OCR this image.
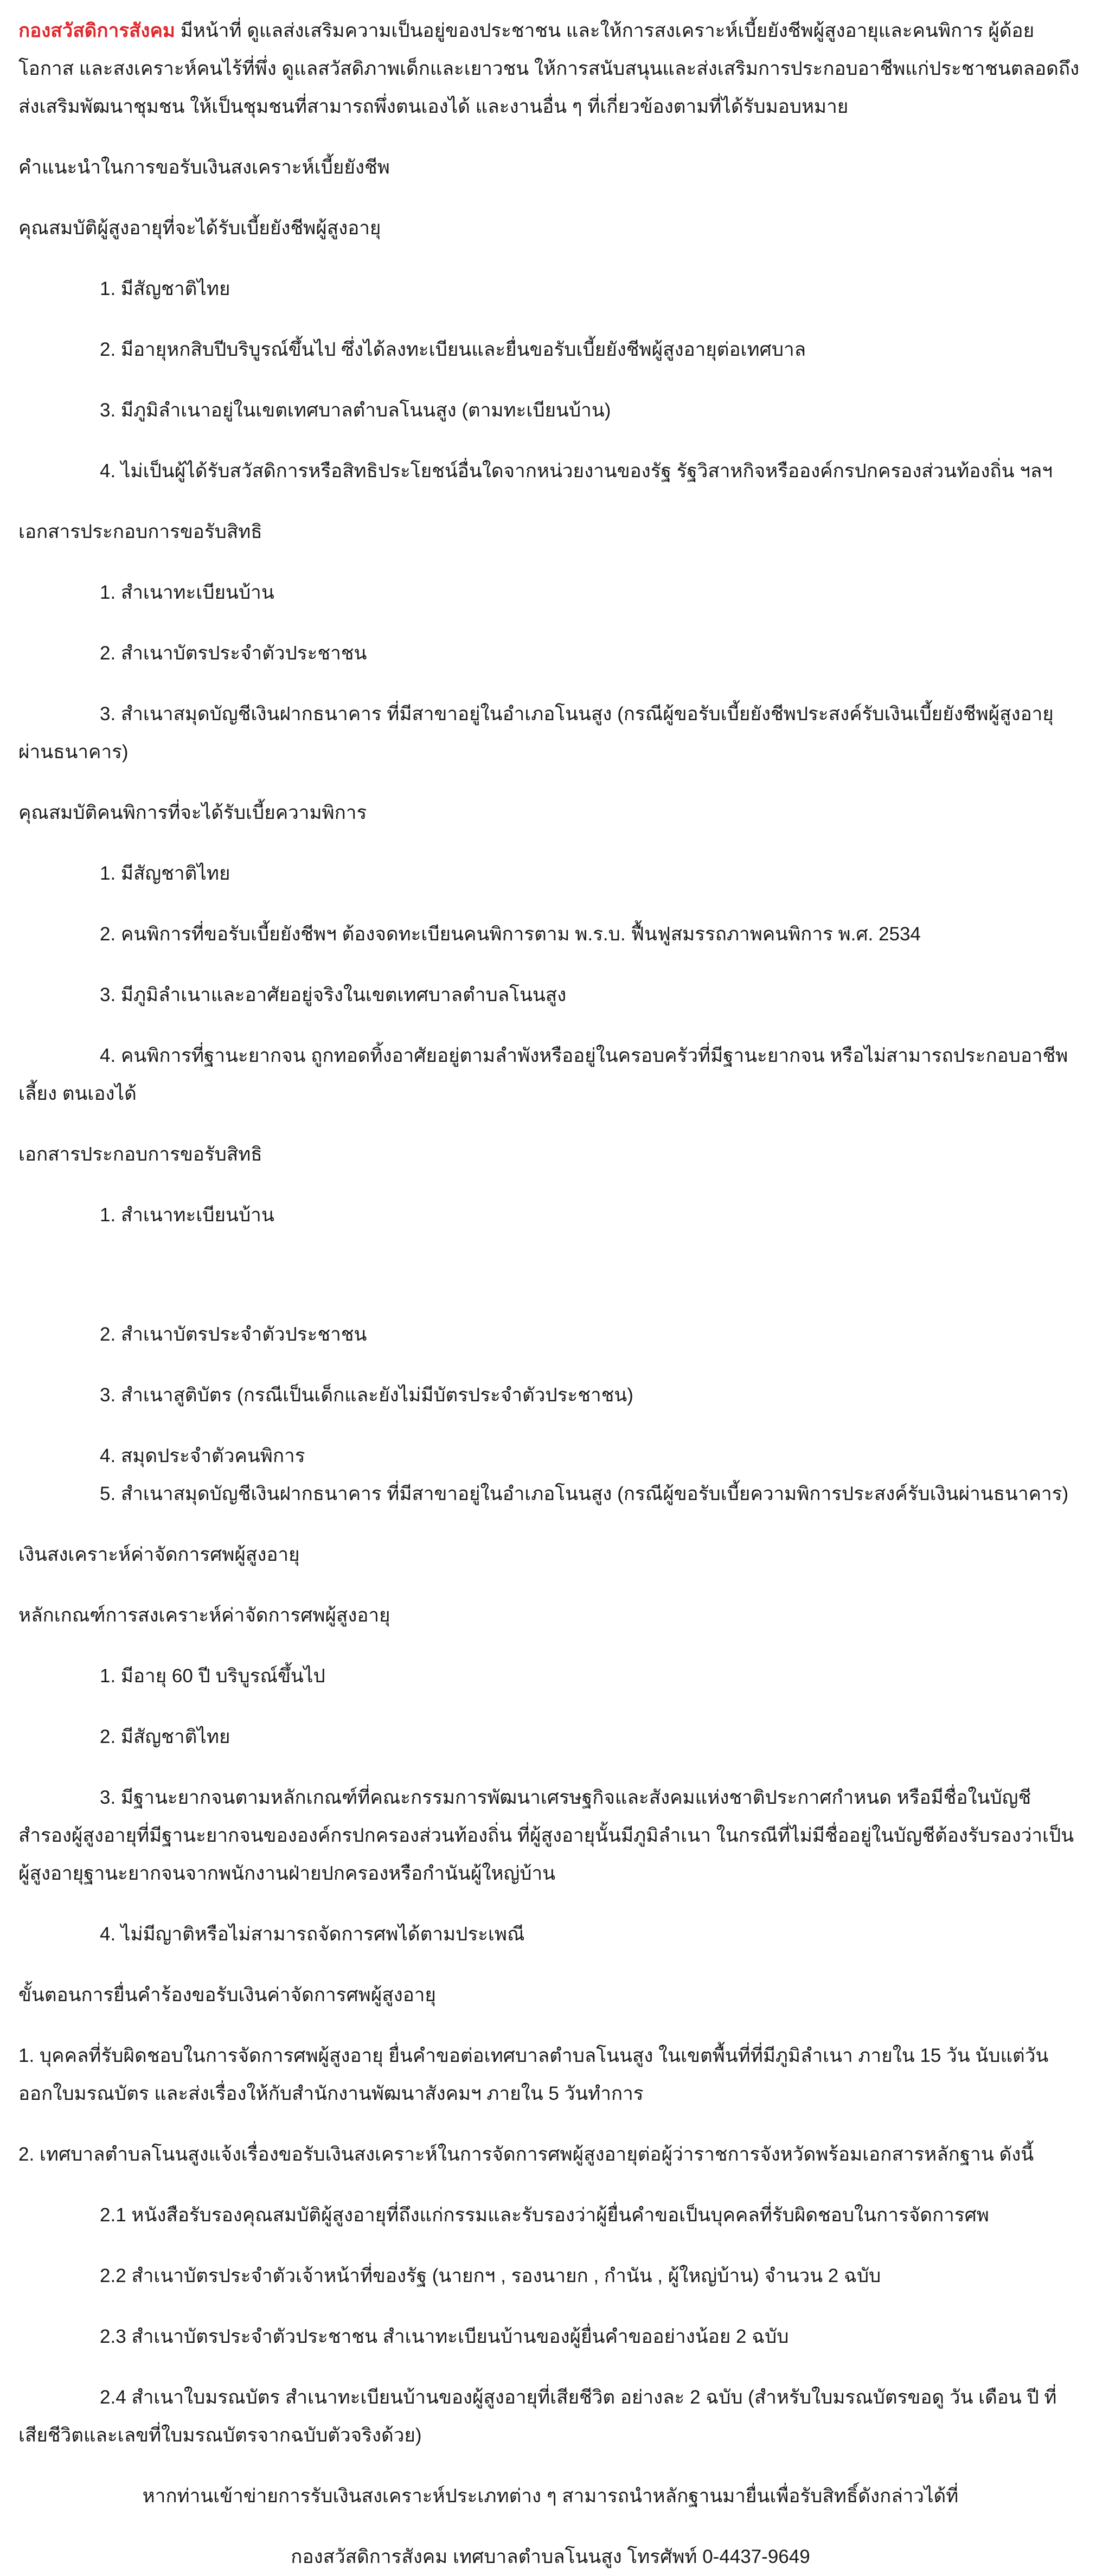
กองสวัสดิการสังคม มีหน้าที่ ดูแลส่งเสริมความเป็นอยู่ของประชาชน และให้การสงเคราะห์เบี้ยยังชีพผู้สูงอายุและคนพิการ ผู้ด้อยโอกาส และสงเคราะห์คนไร้ที่พึ่ง ดูแลสวัสดิภาพเด็กและเยาวชน ให้การสนับสนุนและส่งเสริมการประกอบอาชีพแก่ประชาชนตลอดถึงส่งเสริมพัฒนาชุมชน ให้เป็นชุมชนที่สามารถพึ่งตนเองได้ และงานอื่น ๆ ที่เกี่ยวข้องตามที่ได้รับมอบหมาย

คำแนะนำในการขอรับเงินสงเคราะห์เบี้ยยังชีพ

คุณสมบัติผู้สูงอายุที่จะได้รับเบี้ยยังชีพผู้สูงอายุ

1. มีสัญชาติไทย

2. มีอายุหกสิบปีบริบูรณ์ขึ้นไป ซึ่งได้ลงทะเบียนและยื่นขอรับเบี้ยยังชีพผู้สูงอายุต่อเทศบาล

3. มีภูมิลำเนาอยู่ในเขตเทศบาลตำบลโนนสูง (ตามทะเบียนบ้าน)

4. ไม่เป็นผู้ได้รับสวัสดิการหรือสิทธิประโยชน์อื่นใดจากหน่วยงานของรัฐ รัฐวิสาหกิจหรือองค์กรปกครองส่วนท้องถิ่น ฯลฯ

เอกสารประกอบการขอรับสิทธิ

1. สำเนาทะเบียนบ้าน

2. สำเนาบัตรประจำตัวประชาชน

3. สำเนาสมุดบัญชีเงินฝากธนาคาร ที่มีสาขาอยู่ในอำเภอโนนสูง (กรณีผู้ขอรับเบี้ยยังชีพประสงค์รับเงินเบี้ยยังชีพผู้สูงอายุผ่านธนาคาร)

คุณสมบัติคนพิการที่จะได้รับเบี้ยความพิการ

1. มีสัญชาติไทย

2. คนพิการที่ขอรับเบี้ยยังชีพฯ ต้องจดทะเบียนคนพิการตาม พ.ร.บ. ฟื้นฟูสมรรถภาพคนพิการ พ.ศ. 2534

3. มีภูมิลำเนาและอาศัยอยู่จริงในเขตเทศบาลตำบลโนนสูง

4. คนพิการที่ฐานะยากจน ถูกทอดทิ้งอาศัยอยู่ตามลำพังหรืออยู่ในครอบครัวที่มีฐานะยากจน หรือไม่สามารถประกอบอาชีพเลี้ยง ตนเองได้

เอกสารประกอบการขอรับสิทธิ

1. สำเนาทะเบียนบ้าน

2. สำเนาบัตรประจำตัวประชาชน

3. สำเนาสูติบัตร (กรณีเป็นเด็กและยังไม่มีบัตรประจำตัวประชาชน)

4. สมุดประจำตัวคนพิการ

5. สำเนาสมุดบัญชีเงินฝากธนาคาร ที่มีสาขาอยู่ในอำเภอโนนสูง (กรณีผู้ขอรับเบี้ยความพิการประสงค์รับเงินผ่านธนาคาร)

เงินสงเคราะห์ค่าจัดการศพผู้สูงอายุ

หลักเกณฑ์การสงเคราะห์ค่าจัดการศพผู้สูงอายุ

1. มีอายุ 60 ปี บริบูรณ์ขึ้นไป

2. มีสัญชาติไทย

3. มีฐานะยากจนตามหลักเกณฑ์ที่คณะกรรมการพัฒนาเศรษฐกิจและสังคมแห่งชาติประกาศกำหนด หรือมีชื่อในบัญชีสำรองผู้สูงอายุที่มีฐานะยากจนขององค์กรปกครองส่วนท้องถิ่น ที่ผู้สูงอายุนั้นมีภูมิลำเนา ในกรณีที่ไม่มีชื่ออยู่ในบัญชีต้องรับรองว่าเป็นผู้สูงอายุฐานะยากจนจากพนักงานฝ่ายปกครองหรือกำนันผู้ใหญ่บ้าน

4. ไม่มีญาติหรือไม่สามารถจัดการศพได้ตามประเพณี

ขั้นตอนการยื่นคำร้องขอรับเงินค่าจัดการศพผู้สูงอายุ

1. บุคคลที่รับผิดชอบในการจัดการศพผู้สูงอายุ ยื่นคำขอต่อเทศบาลตำบลโนนสูง ในเขตพื้นที่ที่มีภูมิลำเนา ภายใน 15 วัน นับแต่วันออกใบมรณบัตร และส่งเรื่องให้กับสำนักงานพัฒนาสังคมฯ ภายใน 5 วันทำการ

2. เทศบาลตำบลโนนสูงแจ้งเรื่องขอรับเงินสงเคราะห์ในการจัดการศพผู้สูงอายุต่อผู้ว่าราชการจังหวัดพร้อมเอกสารหลักฐาน ดังนี้

2.1 หนังสือรับรองคุณสมบัติผู้สูงอายุที่ถึงแก่กรรมและรับรองว่าผู้ยื่นคำขอเป็นบุคคลที่รับผิดชอบในการจัดการศพ

2.2 สำเนาบัตรประจำตัวเจ้าหน้าที่ของรัฐ (นายกฯ , รองนายก , กำนัน , ผู้ใหญ่บ้าน) จำนวน 2 ฉบับ

2.3 สำเนาบัตรประจำตัวประชาชน สำเนาทะเบียนบ้านของผู้ยื่นคำขออย่างน้อย 2 ฉบับ

2.4 สำเนาใบมรณบัตร สำเนาทะเบียนบ้านของผู้สูงอายุที่เสียชีวิต อย่างละ 2 ฉบับ (สำหรับใบมรณบัตรขอดู วัน เดือน ปี ที่เสียชีวิตและเลขที่ใบมรณบัตรจากฉบับตัวจริงด้วย)

หากท่านเข้าข่ายการรับเงินสงเคราะห์ประเภทต่าง ๆ สามารถนำหลักฐานมายื่นเพื่อรับสิทธิ์ดังกล่าวได้ที่

กองสวัสดิการสังคม เทศบาลตำบลโนนสูง โทรศัพท์ 0-4437-9649
